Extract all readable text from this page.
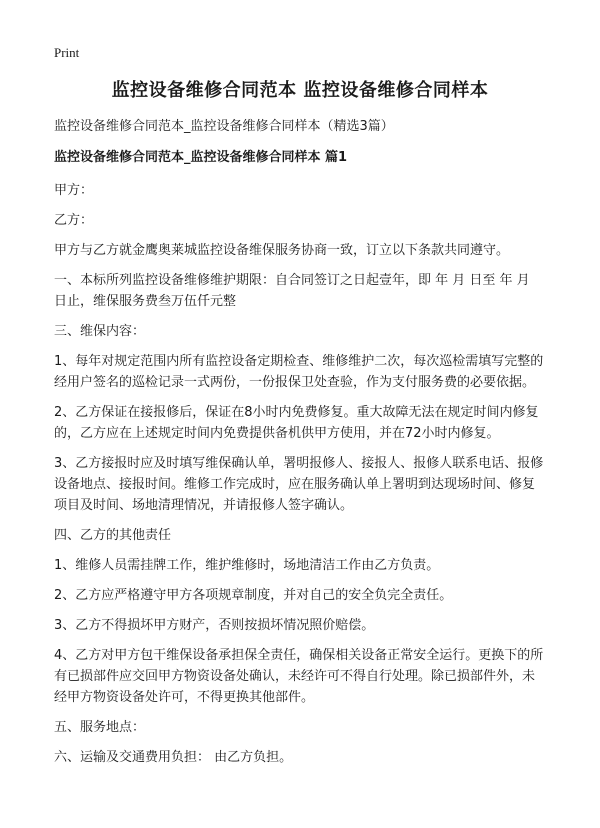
Print
监控设备维修合同范本 监控设备维修合同样本
监控设备维修合同范本_监控设备维修合同样本（精选3篇）
监控设备维修合同范本_监控设备维修合同样本 篇1
甲方：
乙方：
甲方与乙方就金鹰奥莱城监控设备维保服务协商一致，订立以下条款共同遵守。
一、本标所列监控设备维修维护期限：自合同签订之日起壹年，即 年 月 日至 年 月 日止，维保服务费叁万伍仟元整
三、维保内容：
1、每年对规定范围内所有监控设备定期检查、维修维护二次，每次巡检需填写完整的经用户签名的巡检记录一式两份，一份报保卫处查验，作为支付服务费的必要依据。
2、乙方保证在接报修后，保证在8小时内免费修复。重大故障无法在规定时间内修复的，乙方应在上述规定时间内免费提供备机供甲方使用，并在72小时内修复。
3、乙方接报时应及时填写维保确认单，署明报修人、接报人、报修人联系电话、报修设备地点、接报时间。维修工作完成时，应在服务确认单上署明到达现场时间、修复项目及时间、场地清理情况，并请报修人签字确认。
四、乙方的其他责任
1、维修人员需挂牌工作，维护维修时，场地清洁工作由乙方负责。
2、乙方应严格遵守甲方各项规章制度，并对自己的安全负完全责任。
3、乙方不得损坏甲方财产，否则按损坏情况照价赔偿。
4、乙方对甲方包干维保设备承担保全责任，确保相关设备正常安全运行。更换下的所有已损部件应交回甲方物资设备处确认，未经许可不得自行处理。除已损部件外，未经甲方物资设备处许可，不得更换其他部件。
五、服务地点：
六、运输及交通费用负担： 由乙方负担。
